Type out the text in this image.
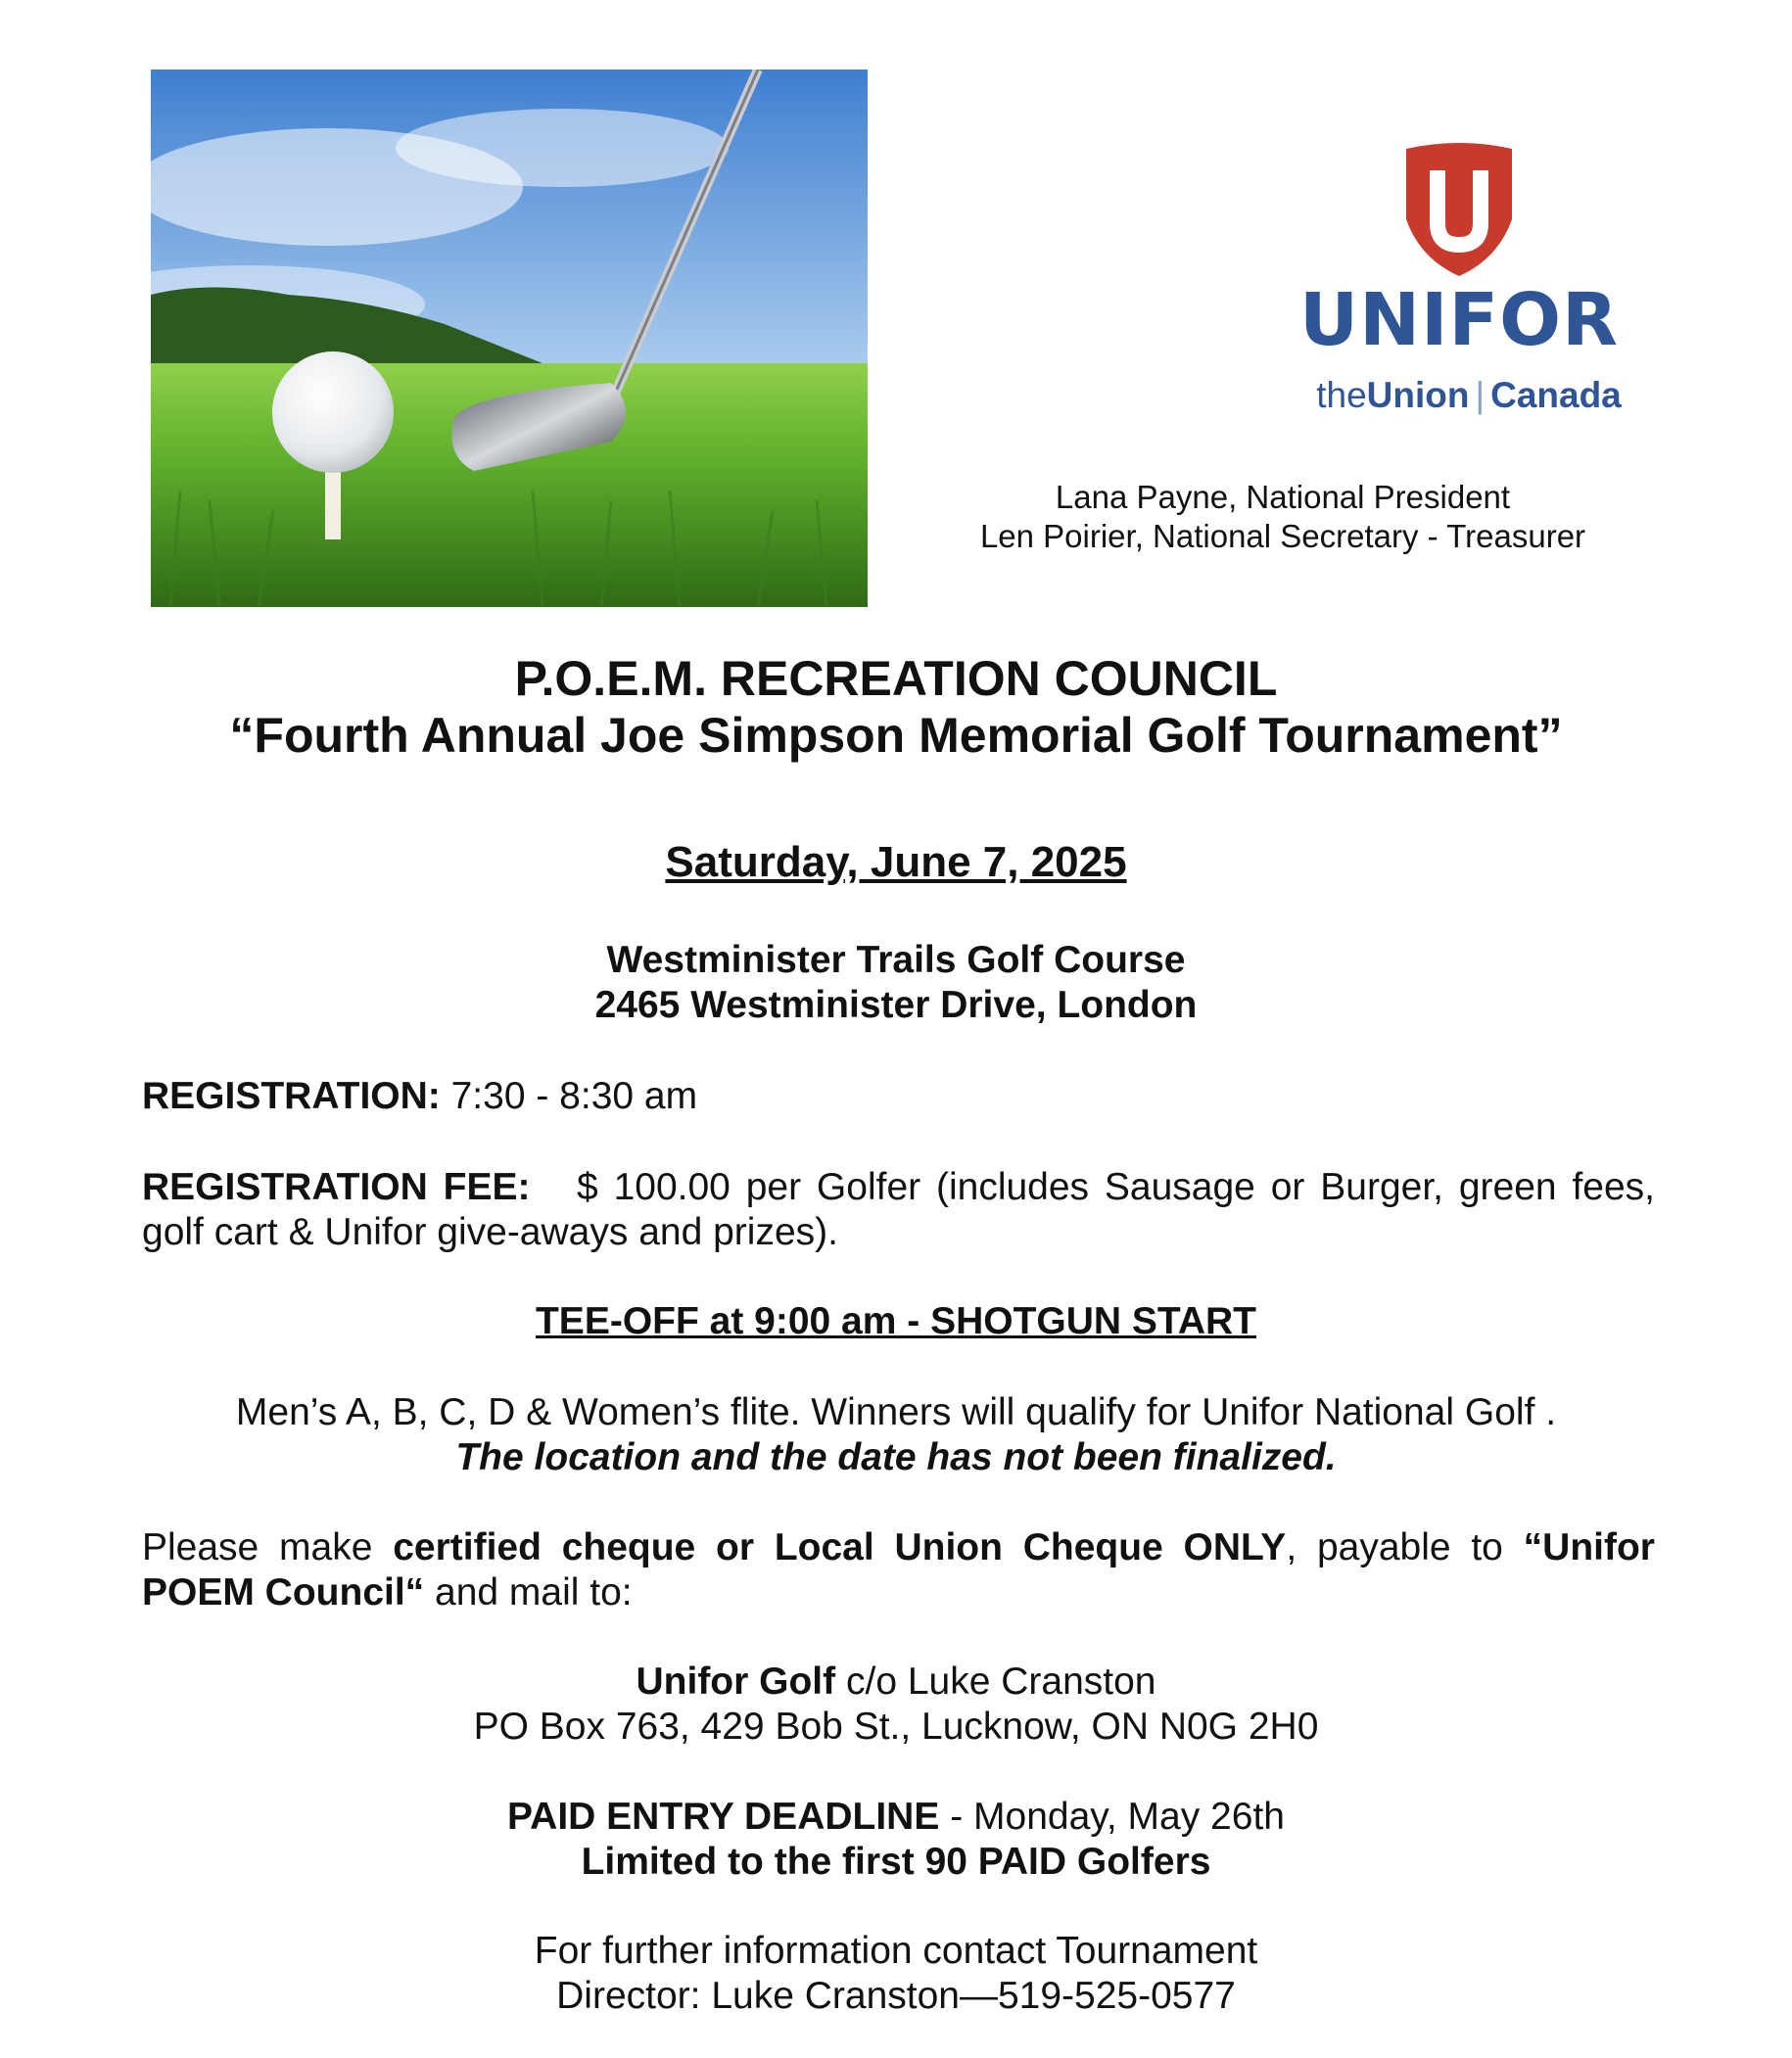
UNIFOR
theUnion | Canada
Lana Payne, National President
Len Poirier, National Secretary - Treasurer
P.O.E.M. RECREATION COUNCIL
“Fourth Annual Joe Simpson Memorial Golf Tournament”
Saturday, June 7, 2025
Westminister Trails Golf Course
2465 Westminister Drive, London
REGISTRATION: 7:30 - 8:30 am
REGISTRATION FEE: $ 100.00 per Golfer (includes Sausage or Burger, green fees, golf cart & Unifor give-aways and prizes).
TEE-OFF at 9:00 am - SHOTGUN START
Men’s A, B, C, D & Women’s flite. Winners will qualify for Unifor National Golf .
The location and the date has not been finalized.
Please make certified cheque or Local Union Cheque ONLY, payable to “Unifor POEM Council“ and mail to:
Unifor Golf c/o Luke Cranston
PO Box 763, 429 Bob St., Lucknow, ON N0G 2H0
PAID ENTRY DEADLINE - Monday, May 26th
Limited to the first 90 PAID Golfers
For further information contact Tournament
Director: Luke Cranston—519-525-0577
